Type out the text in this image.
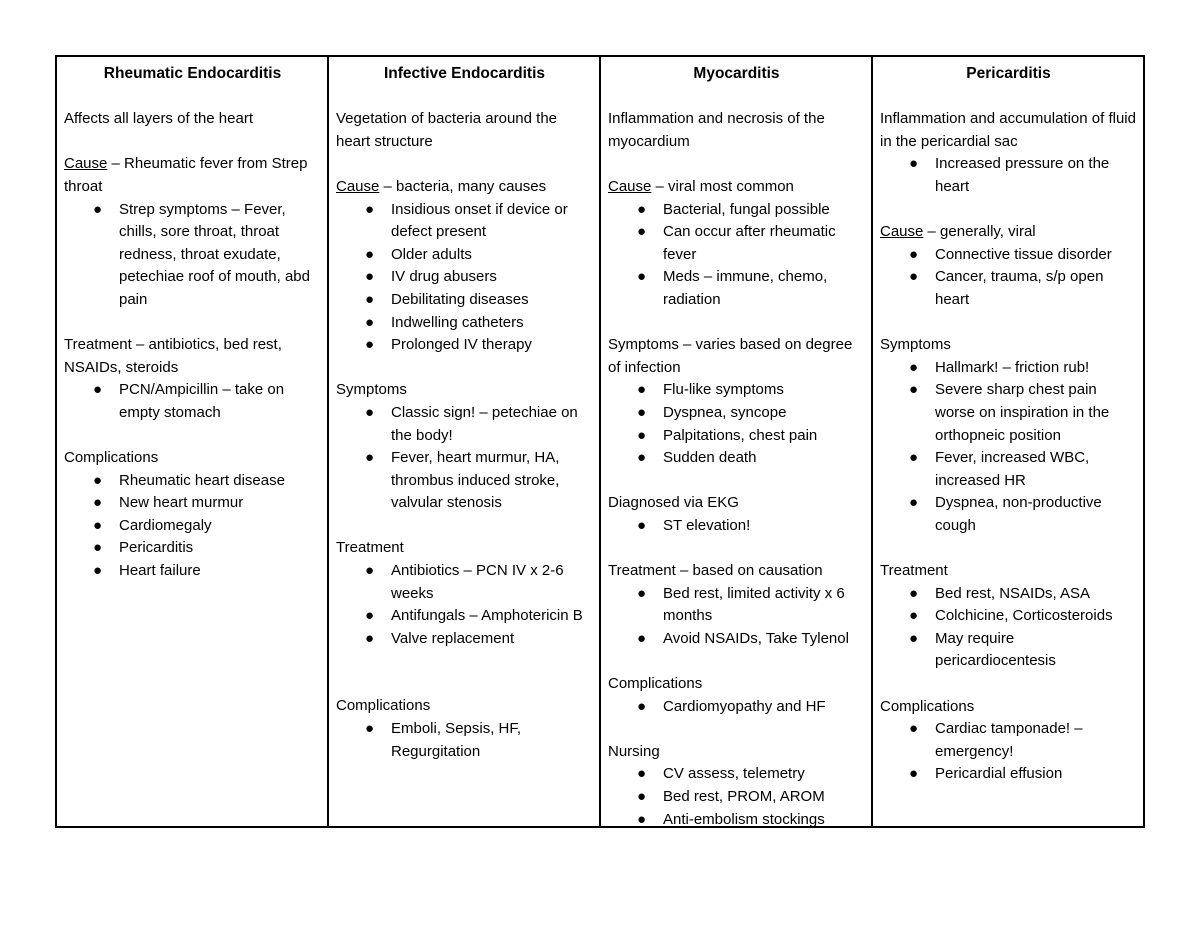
Rheumatic Endocarditis
Affects all layers of the heart
Cause – Rheumatic fever from Strep throat
● Strep symptoms – Fever, chills, sore throat, throat redness, throat exudate, petechiae roof of mouth, abd pain
Treatment – antibiotics, bed rest, NSAIDs, steroids
● PCN/Ampicillin – take on empty stomach
Complications
● Rheumatic heart disease
● New heart murmur
● Cardiomegaly
● Pericarditis
● Heart failure
Infective Endocarditis
Vegetation of bacteria around the heart structure
Cause – bacteria, many causes
● Insidious onset if device or defect present
● Older adults
● IV drug abusers
● Debilitating diseases
● Indwelling catheters
● Prolonged IV therapy
Symptoms
● Classic sign! – petechiae on the body!
● Fever, heart murmur, HA, thrombus induced stroke, valvular stenosis
Treatment
● Antibiotics – PCN IV x 2-6 weeks
● Antifungals – Amphotericin B
● Valve replacement
Complications
● Emboli, Sepsis, HF, Regurgitation
Myocarditis
Inflammation and necrosis of the myocardium
Cause – viral most common
● Bacterial, fungal possible
● Can occur after rheumatic fever
● Meds – immune, chemo, radiation
Symptoms – varies based on degree of infection
● Flu-like symptoms
● Dyspnea, syncope
● Palpitations, chest pain
● Sudden death
Diagnosed via EKG
● ST elevation!
Treatment – based on causation
● Bed rest, limited activity x 6 months
● Avoid NSAIDs, Take Tylenol
Complications
● Cardiomyopathy and HF
Nursing
● CV assess, telemetry
● Bed rest, PROM, AROM
● Anti-embolism stockings
Pericarditis
Inflammation and accumulation of fluid in the pericardial sac
● Increased pressure on the heart
Cause – generally, viral
● Connective tissue disorder
● Cancer, trauma, s/p open heart
Symptoms
● Hallmark! – friction rub!
● Severe sharp chest pain worse on inspiration in the orthopneic position
● Fever, increased WBC, increased HR
● Dyspnea, non-productive cough
Treatment
● Bed rest, NSAIDs, ASA
● Colchicine, Corticosteroids
● May require pericardiocentesis
Complications
● Cardiac tamponade! – emergency!
● Pericardial effusion
